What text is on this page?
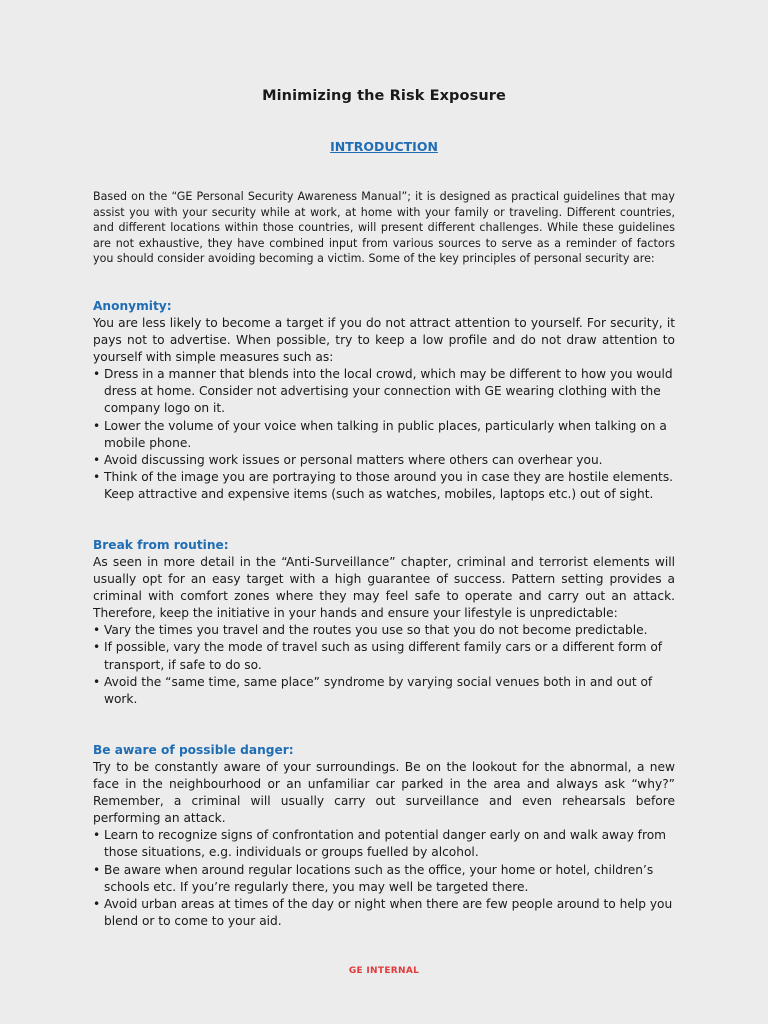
Minimizing the Risk Exposure
INTRODUCTION

Based on the “GE Personal Security Awareness Manual”; it is designed as practical guidelines that may assist you with your security while at work, at home with your family or traveling. Different countries, and different locations within those countries, will present different challenges. While these guidelines are not exhaustive, they have combined input from various sources to serve as a reminder of factors you should consider avoiding becoming a victim. Some of the key principles of personal security are:

Anonymity:

You are less likely to become a target if you do not attract attention to yourself. For security, it pays not to advertise. When possible, try to keep a low profile and do not draw attention to yourself with simple measures such as:

• Dress in a manner that blends into the local crowd, which may be different to how you would dress at home. Consider not advertising your connection with GE wearing clothing with the company logo on it.
• Lower the volume of your voice when talking in public places, particularly when talking on a mobile phone.
• Avoid discussing work issues or personal matters where others can overhear you.
• Think of the image you are portraying to those around you in case they are hostile elements. Keep attractive and expensive items (such as watches, mobiles, laptops etc.) out of sight.
Break from routine:

As seen in more detail in the “Anti-Surveillance” chapter, criminal and terrorist elements will usually opt for an easy target with a high guarantee of success. Pattern setting provides a criminal with comfort zones where they may feel safe to operate and carry out an attack. Therefore, keep the initiative in your hands and ensure your lifestyle is unpredictable:

• Vary the times you travel and the routes you use so that you do not become predictable.
• If possible, vary the mode of travel such as using different family cars or a different form of transport, if safe to do so.
• Avoid the “same time, same place” syndrome by varying social venues both in and out of work.
Be aware of possible danger:

Try to be constantly aware of your surroundings. Be on the lookout for the abnormal, a new face in the neighbourhood or an unfamiliar car parked in the area and always ask “why?” Remember, a criminal will usually carry out surveillance and even rehearsals before performing an attack.

• Learn to recognize signs of confrontation and potential danger early on and walk away from those situations, e.g. individuals or groups fuelled by alcohol.
• Be aware when around regular locations such as the office, your home or hotel, children’s schools etc. If you’re regularly there, you may well be targeted there.
• Avoid urban areas at times of the day or night when there are few people around to help you blend or to come to your aid.
GE INTERNAL
